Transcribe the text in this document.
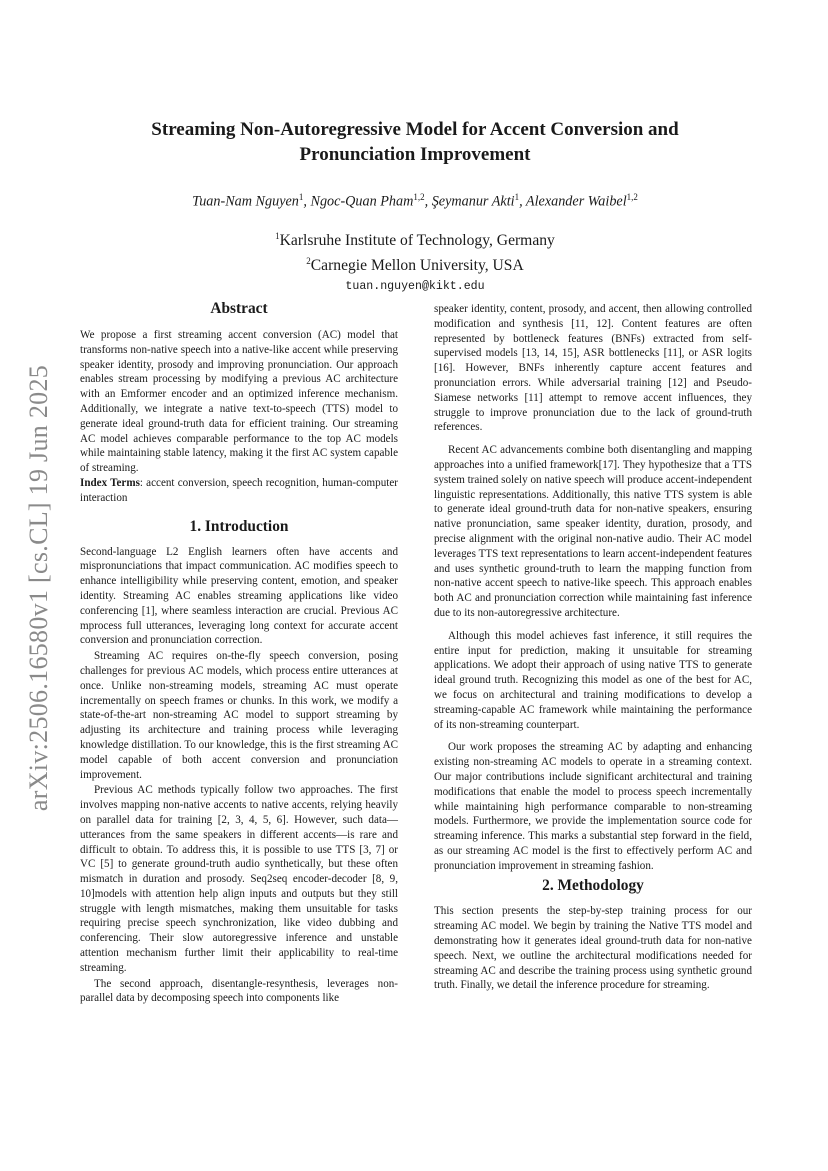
arXiv:2506.16580v1 [cs.CL] 19 Jun 2025
Streaming Non-Autoregressive Model for Accent Conversion and
Pronunciation Improvement
Tuan-Nam Nguyen$^1$, Ngoc-Quan Pham$^{1,2}$, Şeymanur Akti$^1$, Alexander Waibel$^{1,2}$
$^1$Karlsruhe Institute of Technology, Germany
$^2$Carnegie Mellon University, USA
tuan.nguyen@kikt.edu
Abstract

We propose a first streaming accent conversion (AC) model that transforms non-native speech into a native-like accent while preserving speaker identity, prosody and improving pronunciation. Our approach enables stream processing by modifying a previous AC architecture with an Emformer encoder and an optimized inference mechanism. Additionally, we integrate a native text-to-speech (TTS) model to generate ideal ground-truth data for efficient training. Our streaming AC model achieves comparable performance to the top AC models while maintaining stable latency, making it the first AC system capable of streaming.

Index Terms: accent conversion, speech recognition, human-computer interaction

1. Introduction

Second-language L2 English learners often have accents and mispronunciations that impact communication. AC modifies speech to enhance intelligibility while preserving content, emotion, and speaker identity. Streaming AC enables streaming applications like video conferencing [1], where seamless interaction are crucial. Previous AC mprocess full utterances, leveraging long context for accurate accent conversion and pronunciation correction.

Streaming AC requires on-the-fly speech conversion, posing challenges for previous AC models, which process entire utterances at once. Unlike non-streaming models, streaming AC must operate incrementally on speech frames or chunks. In this work, we modify a state-of-the-art non-streaming AC model to support streaming by adjusting its architecture and training process while leveraging knowledge distillation. To our knowledge, this is the first streaming AC model capable of both accent conversion and pronunciation improvement.

Previous AC methods typically follow two approaches. The first involves mapping non-native accents to native accents, relying heavily on parallel data for training [2, 3, 4, 5, 6]. However, such data—utterances from the same speakers in different accents—is rare and difficult to obtain. To address this, it is possible to use TTS [3, 7] or VC [5] to generate ground-truth audio synthetically, but these often mismatch in duration and prosody. Seq2seq encoder-decoder [8, 9, 10]models with attention help align inputs and outputs but they still struggle with length mismatches, making them unsuitable for tasks requiring precise speech synchronization, like video dubbing and conferencing. Their slow autoregressive inference and unstable attention mechanism further limit their applicability to real-time streaming.

The second approach, disentangle-resynthesis, leverages non-parallel data by decomposing speech into components like

speaker identity, content, prosody, and accent, then allowing controlled modification and synthesis [11, 12]. Content features are often represented by bottleneck features (BNFs) extracted from self-supervised models [13, 14, 15], ASR bottlenecks [11], or ASR logits [16]. However, BNFs inherently capture accent features and pronunciation errors. While adversarial training [12] and Pseudo-Siamese networks [11] attempt to remove accent influences, they struggle to improve pronunciation due to the lack of ground-truth references.

Recent AC advancements combine both disentangling and mapping approaches into a unified framework[17]. They hypothesize that a TTS system trained solely on native speech will produce accent-independent linguistic representations. Additionally, this native TTS system is able to generate ideal ground-truth data for non-native speakers, ensuring native pronunciation, same speaker identity, duration, prosody, and precise alignment with the original non-native audio. Their AC model leverages TTS text representations to learn accent-independent features and uses synthetic ground-truth to learn the mapping function from non-native accent speech to native-like speech. This approach enables both AC and pronunciation correction while maintaining fast inference due to its non-autoregressive architecture.

Although this model achieves fast inference, it still requires the entire input for prediction, making it unsuitable for streaming applications. We adopt their approach of using native TTS to generate ideal ground truth. Recognizing this model as one of the best for AC, we focus on architectural and training modifications to develop a streaming-capable AC framework while maintaining the performance of its non-streaming counterpart.

Our work proposes the streaming AC by adapting and enhancing existing non-streaming AC models to operate in a streaming context. Our major contributions include significant architectural and training modifications that enable the model to process speech incrementally while maintaining high performance comparable to non-streaming models. Furthermore, we provide the implementation source code for streaming inference. This marks a substantial step forward in the field, as our streaming AC model is the first to effectively perform AC and pronunciation improvement in streaming fashion.

2. Methodology

This section presents the step-by-step training process for our streaming AC model. We begin by training the Native TTS model and demonstrating how it generates ideal ground-truth data for non-native speech. Next, we outline the architectural modifications needed for streaming AC and describe the training process using synthetic ground truth. Finally, we detail the inference procedure for streaming.
